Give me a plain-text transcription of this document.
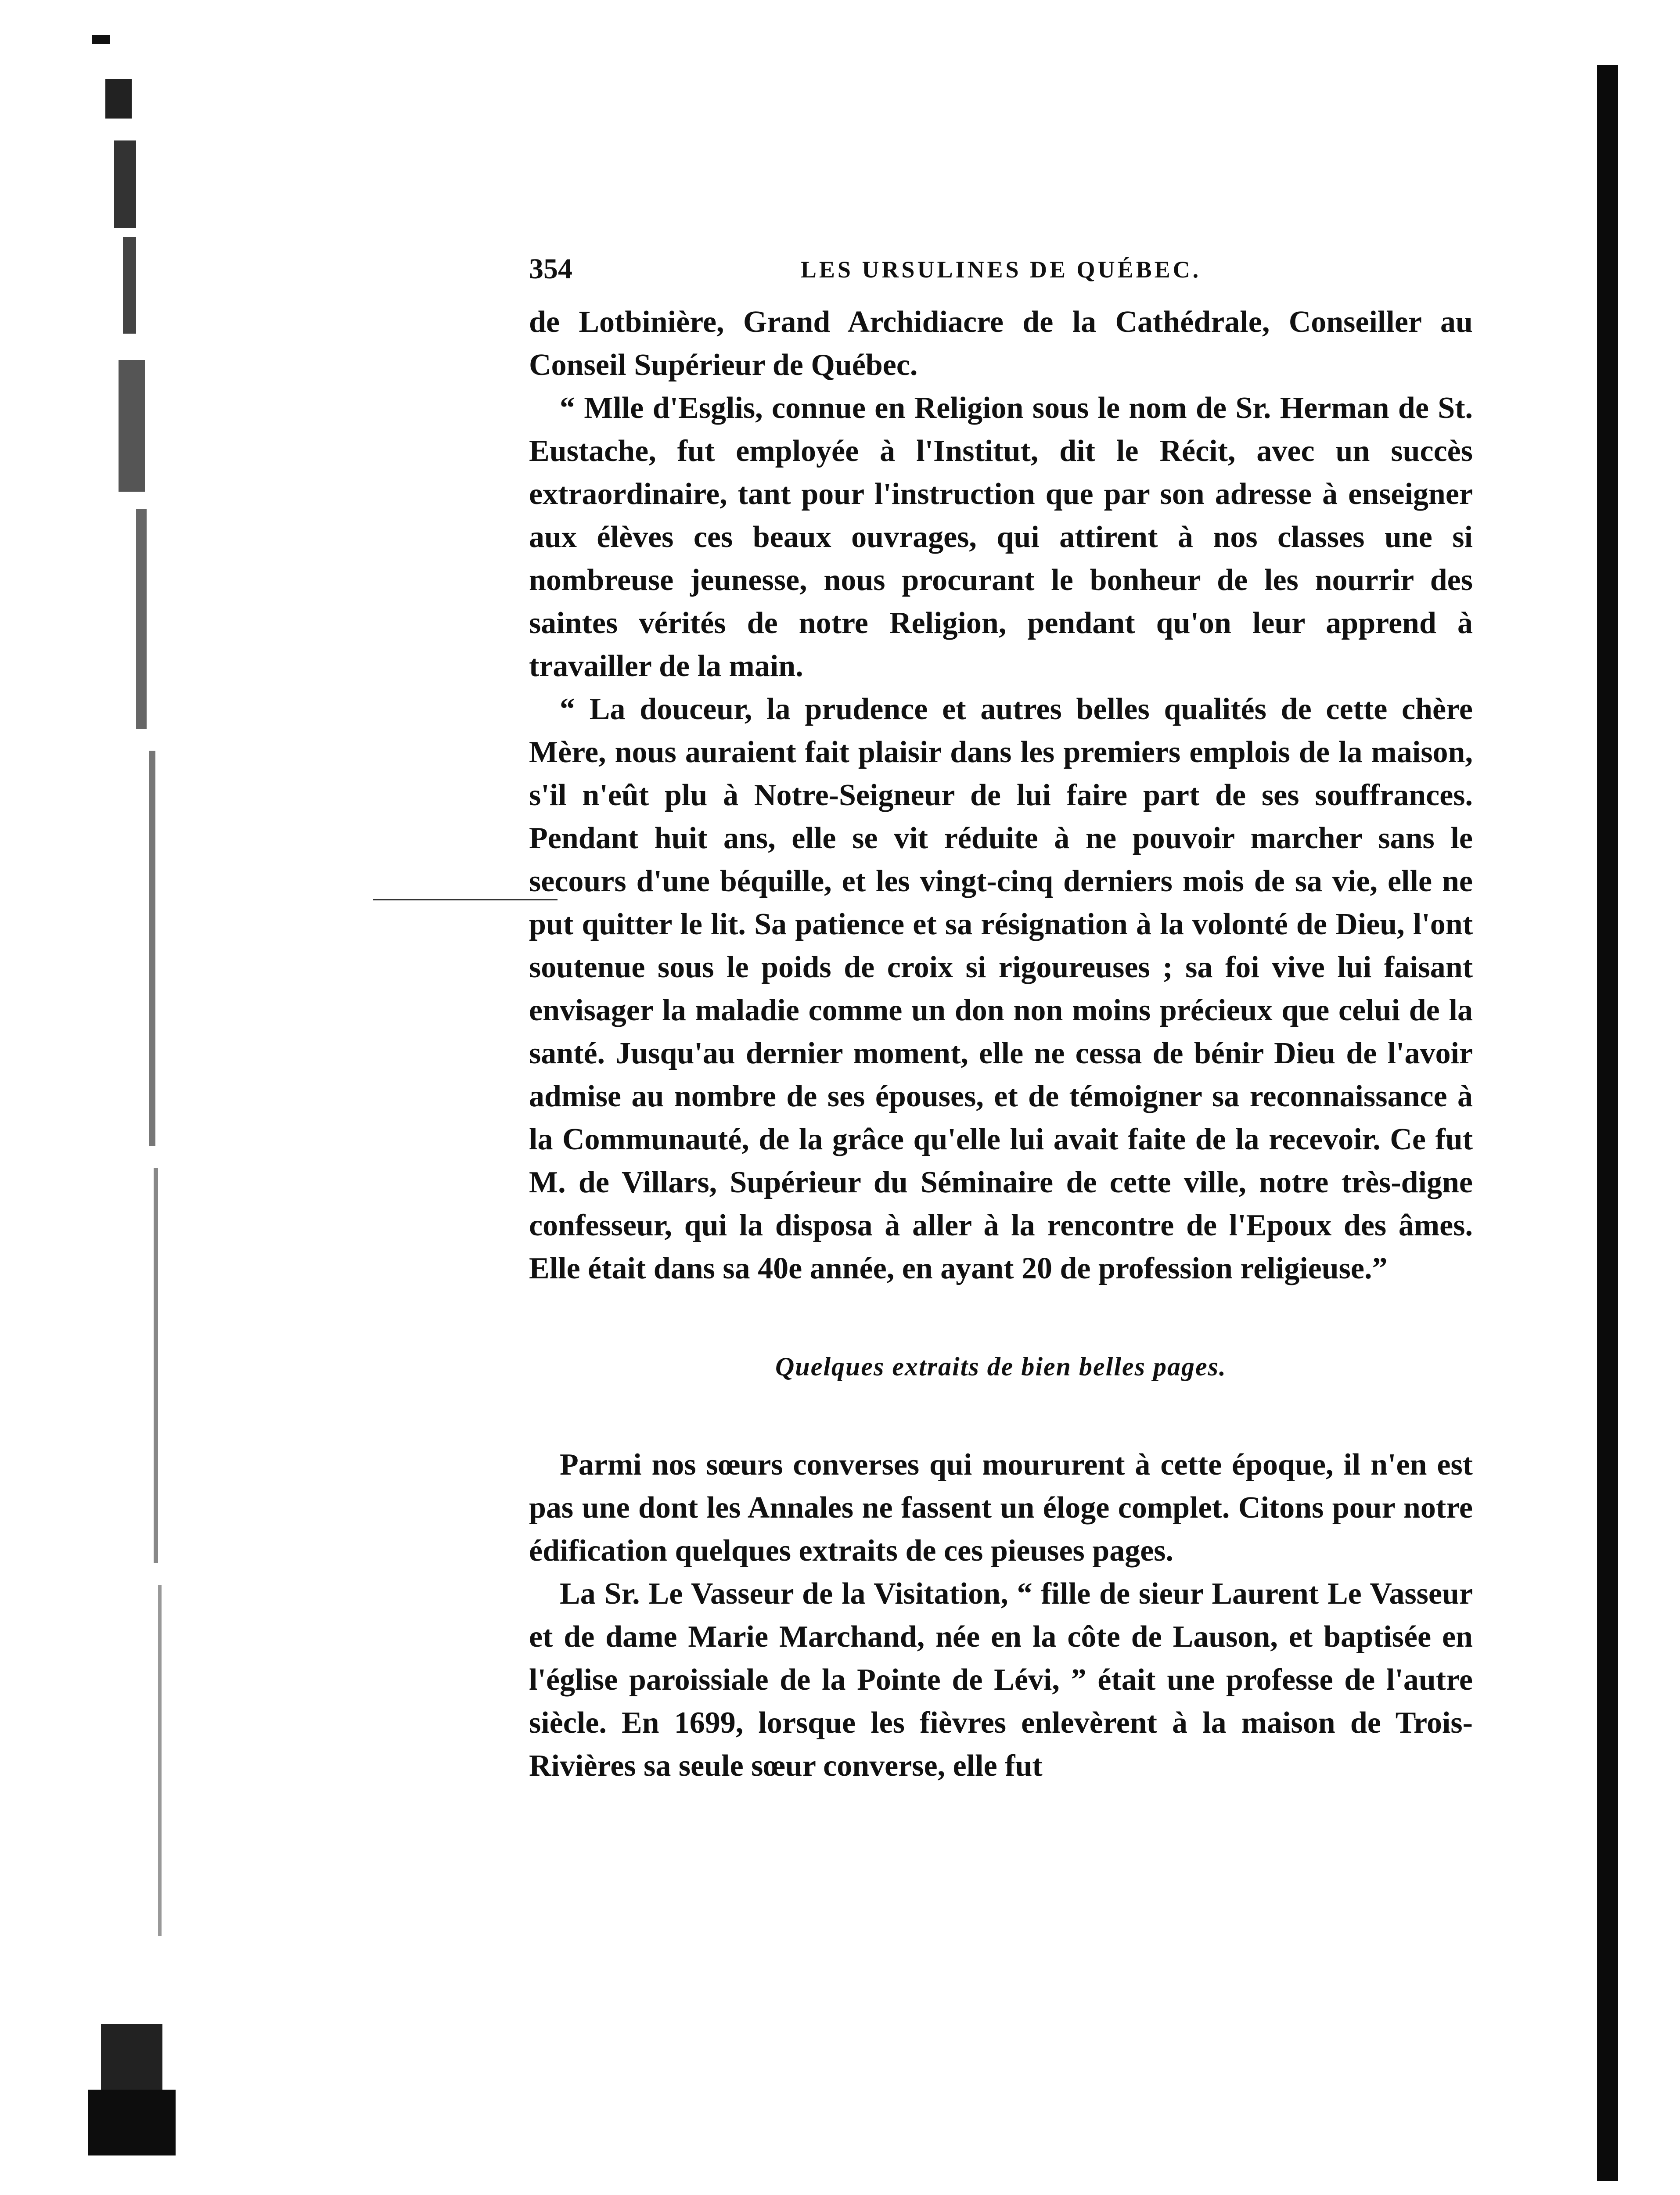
354	LES URSULINES DE QUÉBEC.

de Lotbinière, Grand Archidiacre de la Cathédrale, Conseiller au Conseil Supérieur de Québec.

“ Mlle d'Esglis, connue en Religion sous le nom de Sr. Herman de St. Eustache, fut employée à l'Institut, dit le Récit, avec un succès extraordinaire, tant pour l'instruction que par son adresse à enseigner aux élèves ces beaux ouvrages, qui attirent à nos classes une si nombreuse jeunesse, nous procurant le bonheur de les nourrir des saintes vérités de notre Religion, pendant qu'on leur apprend à travailler de la main.

“ La douceur, la prudence et autres belles qualités de cette chère Mère, nous auraient fait plaisir dans les premiers emplois de la maison, s'il n'eût plu à Notre-Seigneur de lui faire part de ses souffrances. Pendant huit ans, elle se vit réduite à ne pouvoir marcher sans le secours d'une béquille, et les vingt-cinq derniers mois de sa vie, elle ne put quitter le lit. Sa patience et sa résignation à la volonté de Dieu, l'ont soutenue sous le poids de croix si rigoureuses ; sa foi vive lui faisant envisager la maladie comme un don non moins précieux que celui de la santé. Jusqu'au dernier moment, elle ne cessa de bénir Dieu de l'avoir admise au nombre de ses épouses, et de témoigner sa reconnaissance à la Communauté, de la grâce qu'elle lui avait faite de la recevoir. Ce fut M. de Villars, Supérieur du Séminaire de cette ville, notre très-digne confesseur, qui la disposa à aller à la rencontre de l'Epoux des âmes. Elle était dans sa 40e année, en ayant 20 de profession religieuse.”

Quelques extraits de bien belles pages.

Parmi nos sœurs converses qui moururent à cette époque, il n'en est pas une dont les Annales ne fassent un éloge complet. Citons pour notre édification quelques extraits de ces pieuses pages.

La Sr. Le Vasseur de la Visitation, “ fille de sieur Laurent Le Vasseur et de dame Marie Marchand, née en la côte de Lauson, et baptisée en l'église paroissiale de la Pointe de Lévi, ” était une professe de l'autre siècle. En 1699, lorsque les fièvres enlevèrent à la maison de Trois-Rivières sa seule sœur converse, elle fut
